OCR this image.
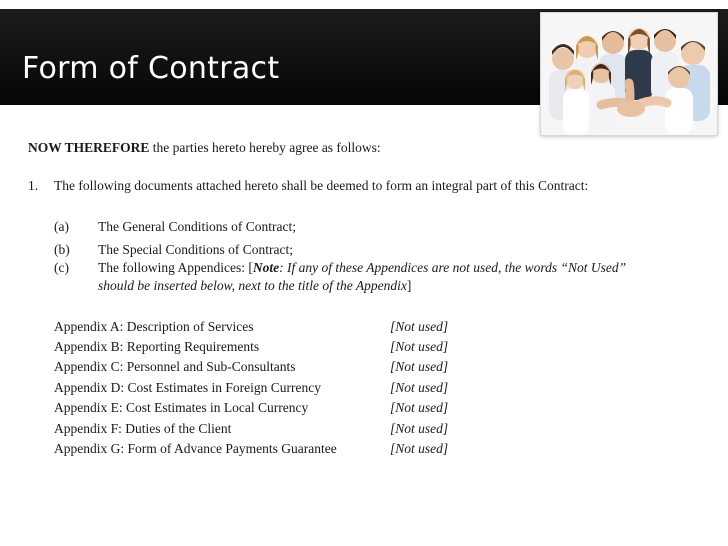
Form of Contract
NOW THEREFORE the parties hereto hereby agree as follows:
1. The following documents attached hereto shall be deemed to form an integral part of this Contract:
(a) The General Conditions of Contract;
(b) The Special Conditions of Contract;
(c) The following Appendices: [Note: If any of these Appendices are not used, the words “Not Used”
should be inserted below, next to the title of the Appendix]
Appendix A: Description of Services	[Not used]
Appendix B: Reporting Requirements	[Not used]
Appendix C: Personnel and Sub-Consultants	[Not used]
Appendix D: Cost Estimates in Foreign Currency	[Not used]
Appendix E: Cost Estimates in Local Currency	[Not used]
Appendix F: Duties of the Client	[Not used]
Appendix G: Form of Advance Payments Guarantee	[Not used]
